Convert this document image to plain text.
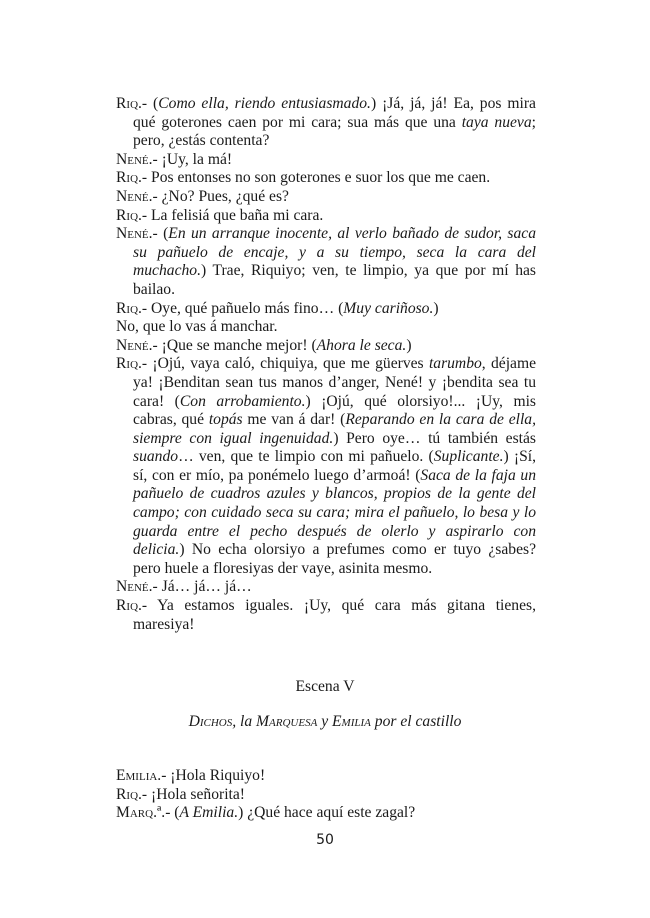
Riq.- (Como ella, riendo entusiasmado.) ¡Já, já, já! Ea, pos mira qué goterones caen por mi cara; sua más que una taya nueva; pero, ¿estás contenta?

Nené.- ¡Uy, la má!

Riq.- Pos entonses no son goterones e suor los que me caen.

Nené.- ¿No? Pues, ¿qué es?

Riq.- La felisiá que baña mi cara.

Nené.- (En un arranque inocente, al verlo bañado de sudor, saca su pañuelo de encaje, y a su tiempo, seca la cara del muchacho.) Trae, Riquiyo; ven, te limpio, ya que por mí has bailao.

Riq.- Oye, qué pañuelo más fino… (Muy cariñoso.)

No, que lo vas á manchar.

Nené.- ¡Que se manche mejor! (Ahora le seca.)

Riq.- ¡Ojú, vaya caló, chiquiya, que me güerves tarumbo, déjame ya! ¡Benditan sean tus manos d’anger, Nené! y ¡bendita sea tu cara! (Con arrobamiento.) ¡Ojú, qué olorsiyo!... ¡Uy, mis cabras, qué topás me van á dar! (Reparando en la cara de ella, siempre con igual ingenuidad.) Pero oye… tú también estás suando… ven, que te limpio con mi pañuelo. (Suplicante.) ¡Sí, sí, con er mío, pa ponémelo luego d’armoá! (Saca de la faja un pañuelo de cuadros azules y blancos, propios de la gente del campo; con cuidado seca su cara; mira el pañuelo, lo besa y lo guarda entre el pecho después de olerlo y aspirarlo con delicia.) No echa olorsiyo a prefumes como er tuyo ¿sabes? pero huele a floresiyas der vaye, asinita mesmo.

Nené.- Já… já… já…

Riq.- Ya estamos iguales. ¡Uy, qué cara más gitana tienes, maresiya!

Escena V
Dichos, la Marquesa y Emilia por el castillo

Emilia.- ¡Hola Riquiyo!

Riq.- ¡Hola señorita!

Marq.ª.- (A Emilia.) ¿Qué hace aquí este zagal?

50
